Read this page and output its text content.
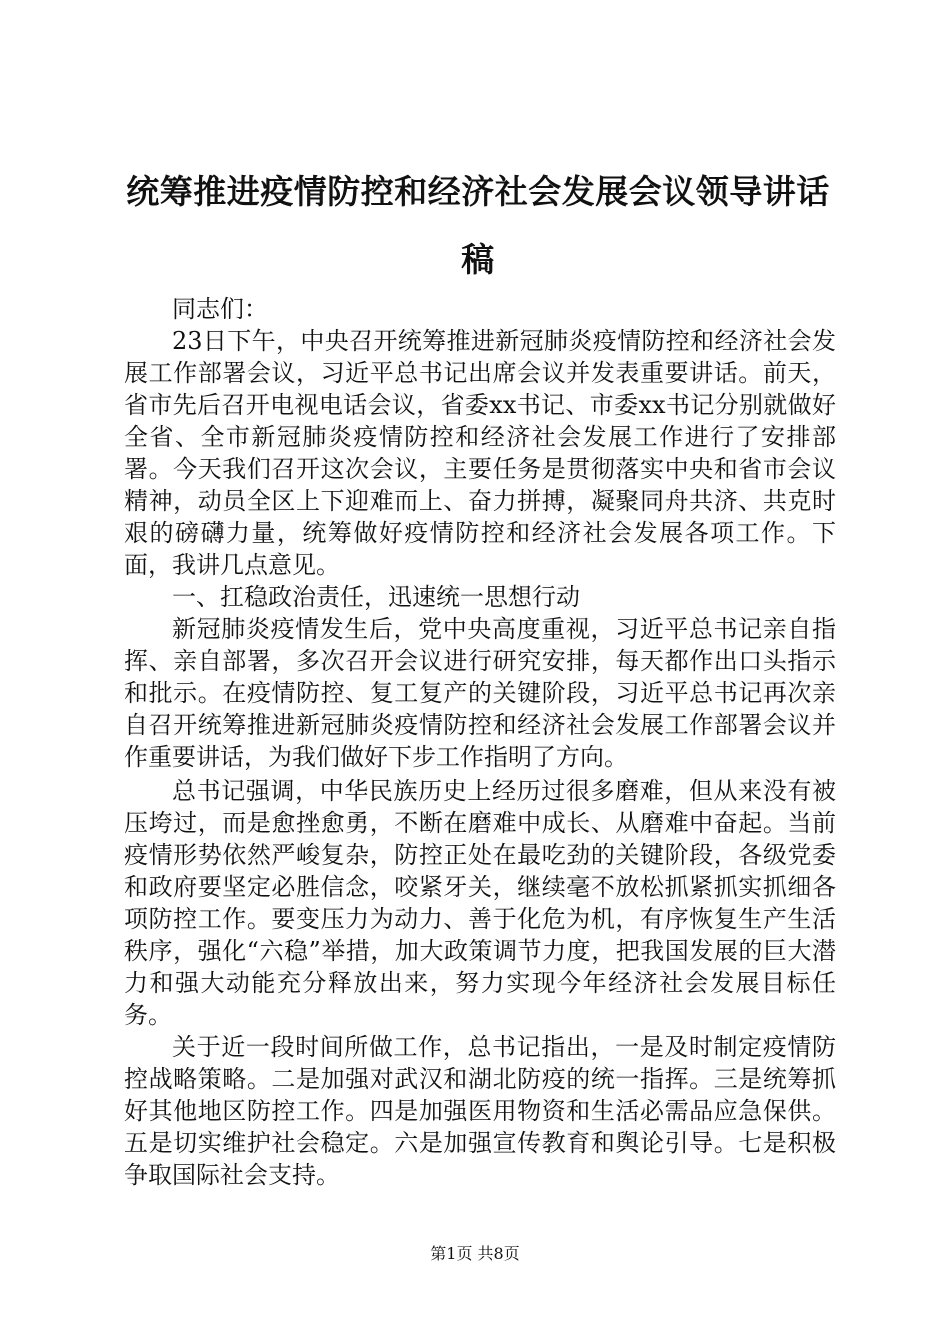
统筹推进疫情防控和经济社会发展会议领导讲话稿

同志们：

23日下午，中央召开统筹推进新冠肺炎疫情防控和经济社会发展工作部署会议，习近平总书记出席会议并发表重要讲话。前天，省市先后召开电视电话会议，省委xx书记、市委xx书记分别就做好全省、全市新冠肺炎疫情防控和经济社会发展工作进行了安排部署。今天我们召开这次会议，主要任务是贯彻落实中央和省市会议精神，动员全区上下迎难而上、奋力拼搏，凝聚同舟共济、共克时艰的磅礴力量，统筹做好疫情防控和经济社会发展各项工作。下面，我讲几点意见。

一、扛稳政治责任，迅速统一思想行动

新冠肺炎疫情发生后，党中央高度重视，习近平总书记亲自指挥、亲自部署，多次召开会议进行研究安排，每天都作出口头指示和批示。在疫情防控、复工复产的关键阶段，习近平总书记再次亲自召开统筹推进新冠肺炎疫情防控和经济社会发展工作部署会议并作重要讲话，为我们做好下步工作指明了方向。

总书记强调，中华民族历史上经历过很多磨难，但从来没有被压垮过，而是愈挫愈勇，不断在磨难中成长、从磨难中奋起。当前疫情形势依然严峻复杂，防控正处在最吃劲的关键阶段，各级党委和政府要坚定必胜信念，咬紧牙关，继续毫不放松抓紧抓实抓细各项防控工作。要变压力为动力、善于化危为机，有序恢复生产生活秩序，强化“六稳”举措，加大政策调节力度，把我国发展的巨大潜力和强大动能充分释放出来，努力实现今年经济社会发展目标任务。

关于近一段时间所做工作，总书记指出，一是及时制定疫情防控战略策略。二是加强对武汉和湖北防疫的统一指挥。三是统筹抓好其他地区防控工作。四是加强医用物资和生活必需品应急保供。五是切实维护社会稳定。六是加强宣传教育和舆论引导。七是积极争取国际社会支持。

第1页 共8页
